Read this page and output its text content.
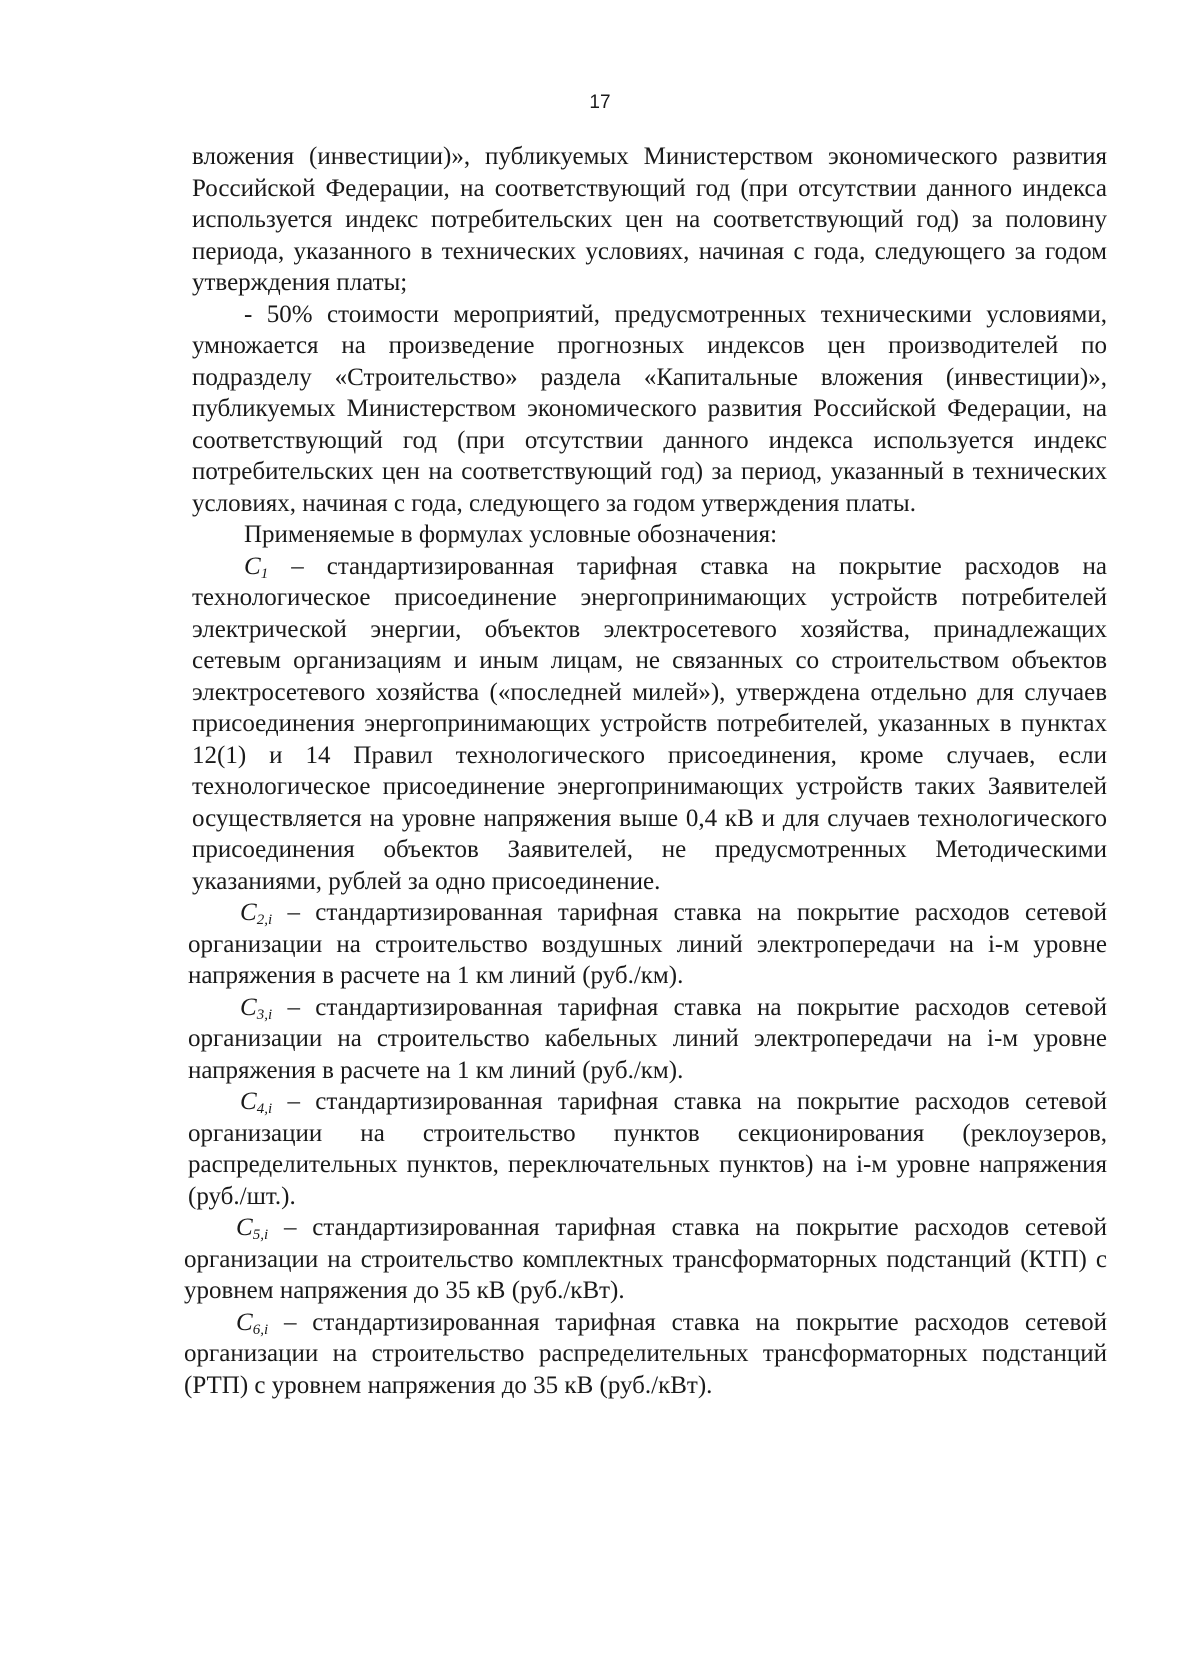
17

вложения (инвестиции)», публикуемых Министерством экономического развития Российской Федерации, на соответствующий год (при отсутствии данного индекса используется индекс потребительских цен на соответствующий год) за половину периода, указанного в технических условиях, начиная с года, следующего за годом утверждения платы;

- 50% стоимости мероприятий, предусмотренных техническими условиями, умножается на произведение прогнозных индексов цен производителей по подразделу «Строительство» раздела «Капитальные вложения (инвестиции)», публикуемых Министерством экономического развития Российской Федерации, на соответствующий год (при отсутствии данного индекса используется индекс потребительских цен на соответствующий год) за период, указанный в технических условиях, начиная с года, следующего за годом утверждения платы.

Применяемые в формулах условные обозначения:

$C_1$ – стандартизированная тарифная ставка на покрытие расходов на технологическое присоединение энергопринимающих устройств потребителей электрической энергии, объектов электросетевого хозяйства, принадлежащих сетевым организациям и иным лицам, не связанных со строительством объектов электросетевого хозяйства («последней милей»), утверждена отдельно для случаев присоединения энергопринимающих устройств потребителей, указанных в пунктах 12(1) и 14 Правил технологического присоединения, кроме случаев, если технологическое присоединение энергопринимающих устройств таких Заявителей осуществляется на уровне напряжения выше 0,4 кВ и для случаев технологического присоединения объектов Заявителей, не предусмотренных Методическими указаниями, рублей за одно присоединение.

$C_{2,i}$ – стандартизированная тарифная ставка на покрытие расходов сетевой организации на строительство воздушных линий электропередачи на i-м уровне напряжения в расчете на 1 км линий (руб./км).

$C_{3,i}$ – стандартизированная тарифная ставка на покрытие расходов сетевой организации на строительство кабельных линий электропередачи на i-м уровне напряжения в расчете на 1 км линий (руб./км).

$C_{4,i}$ – стандартизированная тарифная ставка на покрытие расходов сетевой организации на строительство пунктов секционирования (реклоузеров, распределительных пунктов, переключательных пунктов) на i-м уровне напряжения (руб./шт.).

$C_{5,i}$ – стандартизированная тарифная ставка на покрытие расходов сетевой организации на строительство комплектных трансформаторных подстанций (КТП) с уровнем напряжения до 35 кВ (руб./кВт).

$C_{6,i}$ – стандартизированная тарифная ставка на покрытие расходов сетевой организации на строительство распределительных трансформаторных подстанций (РТП) с уровнем напряжения до 35 кВ (руб./кВт).
